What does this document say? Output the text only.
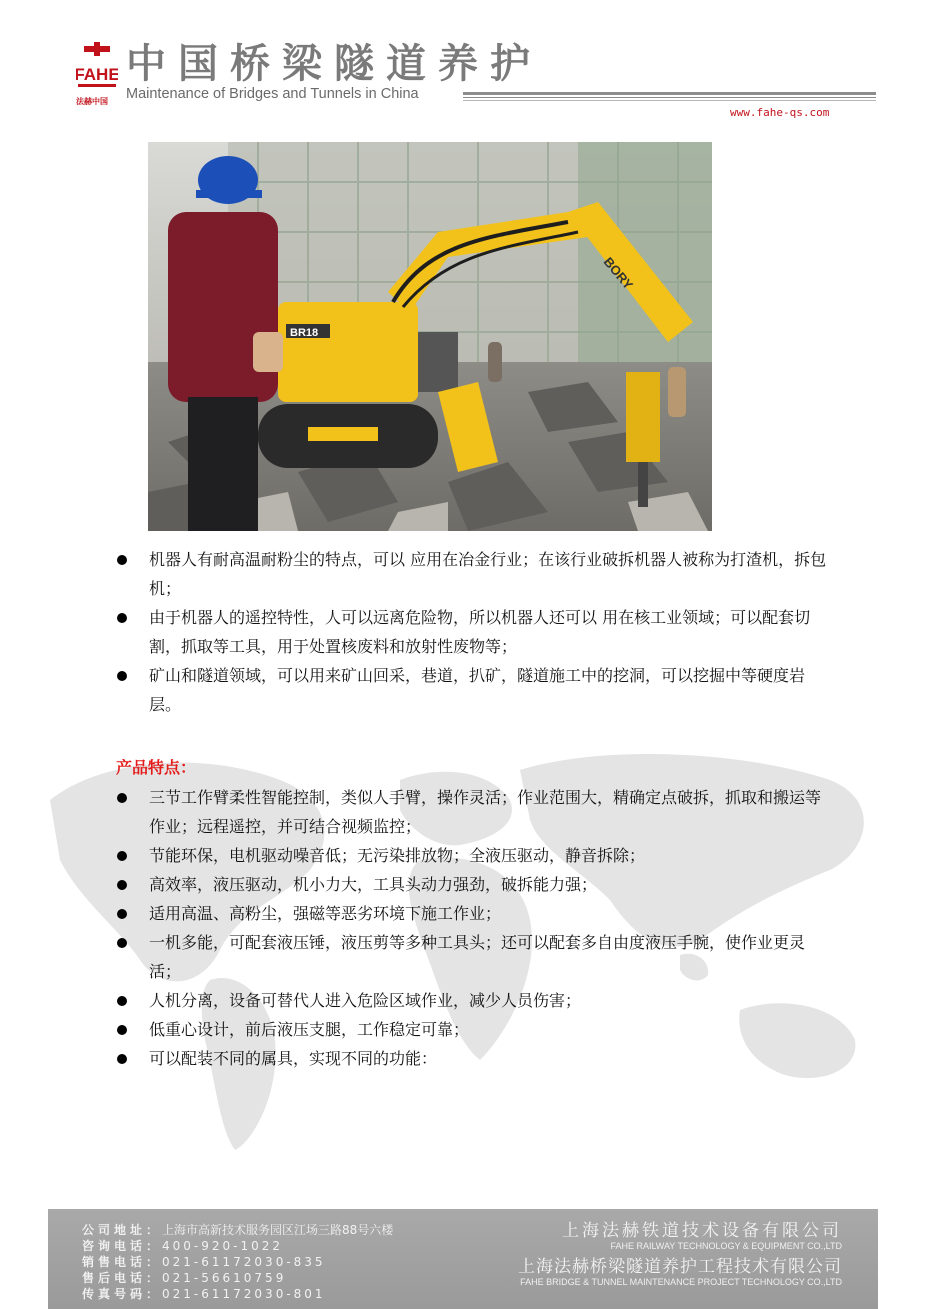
FAHE
法赫中国
中国桥梁隧道养护
Maintenance of Bridges and Tunnels in China
www.fahe-qs.com
BR18
BORY
机器人有耐高温耐粉尘的特点，可以 应用在冶金行业；在该行业破拆机器人被称为打渣机，拆包机；
由于机器人的遥控特性，人可以远离危险物，所以机器人还可以 用在核工业领域；可以配套切割，抓取等工具，用于处置核废料和放射性废物等；
矿山和隧道领域，可以用来矿山回采，巷道，扒矿，隧道施工中的挖洞，可以挖掘中等硬度岩层。
产品特点：
三节工作臂柔性智能控制，类似人手臂，操作灵活；作业范围大，精确定点破拆，抓取和搬运等作业；远程遥控，并可结合视频监控；
节能环保，电机驱动噪音低；无污染排放物；全液压驱动，静音拆除；
高效率，液压驱动，机小力大，工具头动力强劲，破拆能力强；
适用高温、高粉尘，强磁等恶劣环境下施工作业；
一机多能，可配套液压锤，液压剪等多种工具头；还可以配套多自由度液压手腕，使作业更灵活；
人机分离，设备可替代人进入危险区域作业，减少人员伤害；
低重心设计，前后液压支腿，工作稳定可靠；
可以配装不同的属具，实现不同的功能：
公司地址：上海市高新技术服务园区江场三路88号六楼
咨询电话：400-920-1022
销售电话：021-61172030-835
售后电话：021-56610759
传真号码：021-61172030-801
上海法赫铁道技术设备有限公司
FAHE RAILWAY TECHNOLOGY & EQUIPMENT CO.,LTD
上海法赫桥梁隧道养护工程技术有限公司
FAHE BRIDGE & TUNNEL MAINTENANCE PROJECT TECHNOLOGY CO.,LTD
